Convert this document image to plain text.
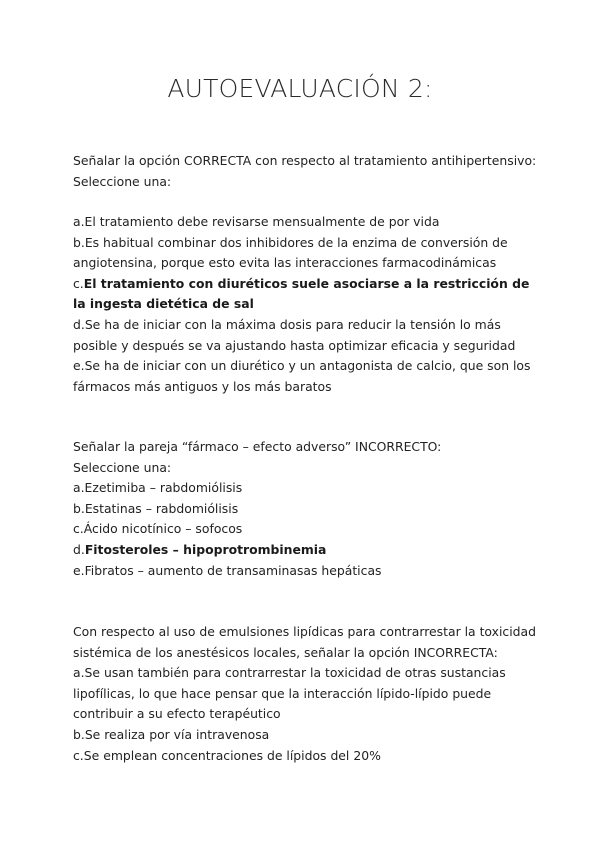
AUTOEVALUACIÓN 2:
Señalar la opción CORRECTA con respecto al tratamiento antihipertensivo:
Seleccione una:
a.El tratamiento debe revisarse mensualmente de por vida
b.Es habitual combinar dos inhibidores de la enzima de conversión de angiotensina, porque esto evita las interacciones farmacodinámicas
c.El tratamiento con diuréticos suele asociarse a la restricción de la ingesta dietética de sal
d.Se ha de iniciar con la máxima dosis para reducir la tensión lo más posible y después se va ajustando hasta optimizar eficacia y seguridad
e.Se ha de iniciar con un diurético y un antagonista de calcio, que son los fármacos más antiguos y los más baratos
Señalar la pareja “fármaco – efecto adverso” INCORRECTO:
Seleccione una:
a.Ezetimiba – rabdomiólisis
b.Estatinas – rabdomiólisis
c.Ácido nicotínico – sofocos
d.Fitosteroles – hipoprotrombinemia
e.Fibratos – aumento de transaminasas hepáticas
Con respecto al uso de emulsiones lipídicas para contrarrestar la toxicidad sistémica de los anestésicos locales, señalar la opción INCORRECTA:
a.Se usan también para contrarrestar la toxicidad de otras sustancias lipofílicas, lo que hace pensar que la interacción lípido-lípido puede contribuir a su efecto terapéutico
b.Se realiza por vía intravenosa
c.Se emplean concentraciones de lípidos del 20%
